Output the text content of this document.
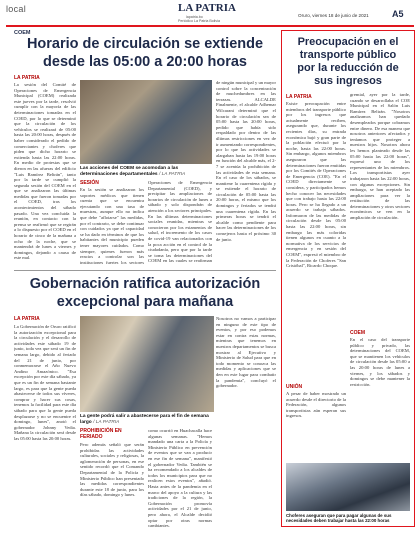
local	LA PATRIA
lapatria.bo
Periódico La Patria Bolivia
Oruro, viernes 18 de junio de 2021	A5
COEM
Horario de circulación se extiende
desde las 05:00 a 20:00 horas
LA PATRIA
La sesión del Comité de Operaciones de Emergencia Municipal (COEM) realizada este jueves por la tarde, resolvió cumplir con la mayoría de las determinaciones tomadas en el COED, por lo que se determinó que la circulación de los vehículos se realizará de 05:00 hasta las 20:00 horas, después de haber considerado el pedido de comerciantes y choferes que piden que dicho horario se extienda hasta las 22:00 horas. En medio de protestas que se dieron en las afueras del edificio "Luis Ramírez Beltrán", tanto por la tarde se cumplió la segunda sesión del COEM en el que se analizaron las últimas medidas que fueron tomadas por el COED, tras los acontecimientos del sábado pasado. Una vez concluida la reunión, en contacto con la prensa se reafirmó que se regirán a lo dispuesto por el COED en el horario de cinco de la mañana a ocho de la noche, que se mantendrá de lunes a viernes y domingos, dejando a causa de este mal.
Las acciones del COEM se acomodan a las determinaciones departamentales / LA PATRIA
SESIÓN
En la sesión se analizaron los soportes médicos que tienen cuenta que se encuentra ejecutando con una tasa de muestras, aunque ello no indica que debe "afloiarse" las medidas, por el contrario, se debe continuar con cuidados ya que el capacidad se ha dado en términos de que los habitantes del municipio pueden tener mayores cuidados. Como siempre, quienes fueron más reacios a controlar son las instituciones fuertes los sectores
Operaciones de Emergencia Departamental (COED), y precipitar las ampliaciones de horarios de circulación de lunes a sábado y solo dispondrán de atención a los sectores principales. En las últimas determinaciones sociales reunidas, mientras se conocieron por los estamentos de salud, el incremento de los casos de covid-19 van relacionados con la poca acción en el control de la ciudadanía, pero que por la tarde se toma las determinaciones del COEM en las cuales se reafirman
de ningún municipal y un mayor control sobre la concentración de muchedumbres en las terrazas. ALCALDE Finalmente, el alcalde Adhemar Wilcarani determinó que el horario de circulación sea de 05:00 hasta las 20:00 horas, pedido que había sido respaldado por dentro de las últimas restricciones en vez de ir aumentando correspondientes, por lo que las actividades se alargaban hasta las 19:00 horas en función del alcalde más, el 2-7 se acentúa la prohibición de las actividades de esta semana. En el caso de los sábados, se mantiene la cuarentena rígida y se extiende el horario de circulación de 05:00 hasta las 20:00 horas, el mismo que los domingos y feriados se tendrá una cuarentena rígida. En las primeras horas se tendrá el alcalde como pendiente para hacer las determinaciones de los consejeros hasta el próximo 30 de junio.
Preocupación en el
transporte público
por la reducción de
sus ingresos
LA PATRIA
Existe preocupación entre miembros del transporte público por los ingresos que actualmente reciben, asegurando que, durante los recientes días, su entrada económica bajó y gran parte de la población efectuó por la noche, hasta las 22:00 horas. Sin embargo, algunos miembros aseguraron que las determinaciones fueron emitidas por los Comités de Operaciones de Emergencia (COE). "En el COED directamente se considera, y participados hemos hecho conocer las necesidades que con trabajo hasta las 22:00 horas. Pero se ha llegado a un acuerdo se trabaja sábados. Informaron de las medidas de circulación desde las 05:00 hasta las 22:00 horas, sin embargo las más coloridas tienen algunos en cuanto a la normativa de los servicios de emergencia y en sesión del COEM", expresó el miembro de la Federación de Choferes "San Cristóbal", Ricardo Choque.
UNIÓN
A pesar de haber mostrado un acuerdo desde el directorio de la Federación, algunos transportistas aún esperan sus ingresos.
gremial, ayer por la tarde, cuando se desarrollaba el COE Municipal en el Salón Luis Ramírez Beltrán. "Nosotros analizamos han quedado desempleados porque cobramos entre dinero. De esa manera que nosotros anteriores afectados y teníamos que proteger a nuestros hijos. Nosotros ahora les hemos planteado desde las 05:00 hasta las 22:00 horas", expresó uno de los representantes de los miembros. Los transportistas ayer trabajaron hasta las 22:00 horas, con algunas excepciones. Sin embargo, se han aceptado las ampliaciones para ver la restitución de las determinaciones y otros sectores económicos se ven en la ampliación de circulación.
COEM
En el caso del transporte público y privado, las determinaciones del COEM, que se mantienen los vehículos de circulación desde las 05:00 a las 20:00 horas de lunes a viernes, y los sábados y domingos se debe mantener la restricción.
Choferes aseguran que para pagar algunas de sus necesidades deben trabajar hasta las 22:00 horas
Gobernación ratifica autorización
excepcional para mañana
LA PATRIA
La Gobernación de Oruro ratificó la autorización excepcional para la circulación y el desarrollo de actividades este sábado 19 de junio, toda vez que será un fin de semana largo, debido al feriado del 21 de junio, por conmemorarse el Año Nuevo Andino Amazónico. "Esa excepción por este día sábado, ya que es un fin de semana bastante largo, es para que la gente pueda abastecerse de todos sus víveres, comprar y hacer sus cosas, tenemos la facilidad para este día sábado para que la gente pueda desplazarse y no se encuentre el domingo, lunes", anotó el gobernador Johnny Vedia. Mañana la circulación será desde las 05:00 hasta las 20:00 horas.
La gente podrá salir a abastecerse para el fin de semana largo / LA PATRIA
PROHIBICIÓN EN FERIADO
Pero además señaló que serán prohibidas las actividades culturales, sociales y religiosas, la aglomeración de personas, en ese sentido recordó que el Comando Departamental de la Policía y Ministerio Público han presentado las medidas correspondientes durante este 18 de junio, para los días sábado, domingo y lunes.
como ocurrió en Huachacalla hace algunas semanas. "Hemos mandado una carta a la Policía y Ministerio Público en prevención de eventos que se van a producir en ese fin de semana", manifestó el gobernador Vedia. También se ha recomendado a los alcaldes de todos los municipios para que no realicen estos eventos", añadió. Hasta antes de la pandemia en el marco del apoyo a la cultura y las tradiciones de la región, la Gobernación promovía actividades por el 21 de junio, pero ahora, el Alcalde decidió optar por otras normas cambiantes.
Nosotros no vamos a participar en ninguno de este tipo de eventos, y por eso podemos estar en contra estas normas, mientras que tenemos en nuestros departamentos se busca mostrar al Ejecutivo y Ministerio de Salud para que en todo momento se conozca las medidas y aplicaciones que se den en este lugar para combatir la pandemia", concluyó el gobernador.
